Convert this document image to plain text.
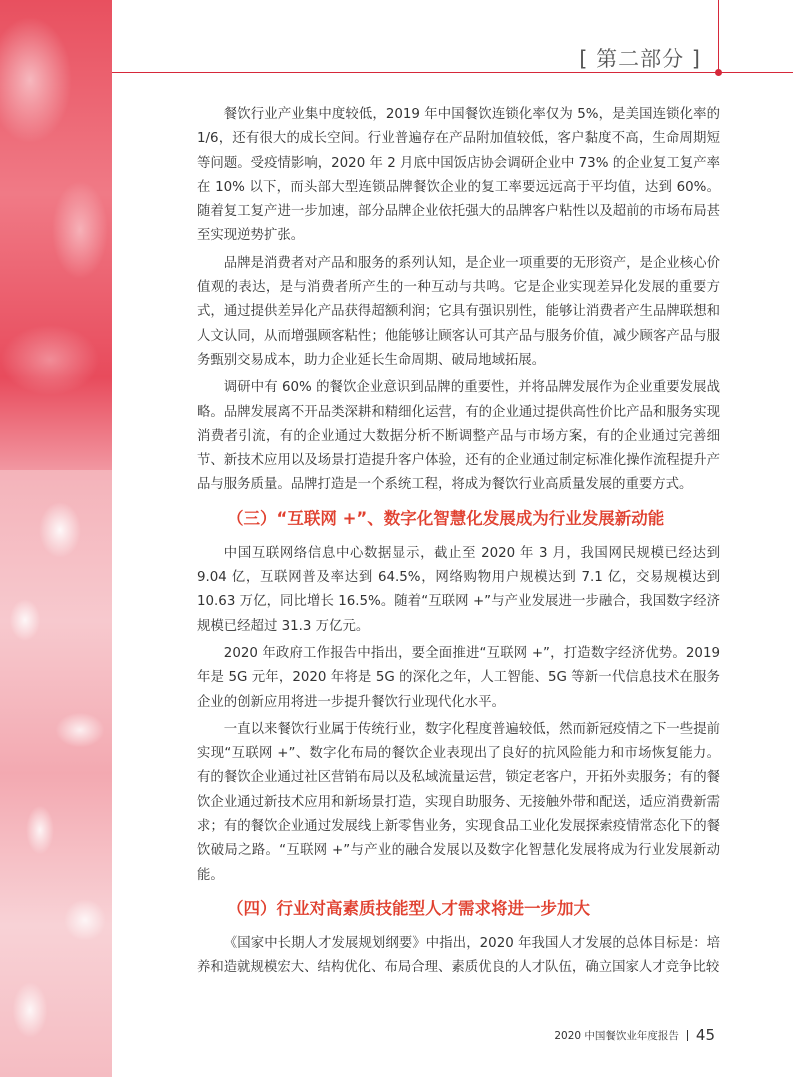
[ 第二部分 ]

餐饮行业产业集中度较低，2019 年中国餐饮连锁化率仅为 5%，是美国连锁化率的 1/6，还有很大的成长空间。行业普遍存在产品附加值较低，客户黏度不高，生命周期短等问题。受疫情影响，2020 年 2 月底中国饭店协会调研企业中 73% 的企业复工复产率在 10% 以下，而头部大型连锁品牌餐饮企业的复工率要远远高于平均值，达到 60%。随着复工复产进一步加速，部分品牌企业依托强大的品牌客户粘性以及超前的市场布局甚至实现逆势扩张。

品牌是消费者对产品和服务的系列认知，是企业一项重要的无形资产，是企业核心价值观的表达，是与消费者所产生的一种互动与共鸣。它是企业实现差异化发展的重要方式，通过提供差异化产品获得超额利润；它具有强识别性，能够让消费者产生品牌联想和人文认同，从而增强顾客粘性；他能够让顾客认可其产品与服务价值，减少顾客产品与服务甄别交易成本，助力企业延长生命周期、破局地域拓展。

调研中有 60% 的餐饮企业意识到品牌的重要性，并将品牌发展作为企业重要发展战略。品牌发展离不开品类深耕和精细化运营，有的企业通过提供高性价比产品和服务实现消费者引流，有的企业通过大数据分析不断调整产品与市场方案，有的企业通过完善细节、新技术应用以及场景打造提升客户体验，还有的企业通过制定标准化操作流程提升产品与服务质量。品牌打造是一个系统工程，将成为餐饮行业高质量发展的重要方式。

（三）“互联网 +”、数字化智慧化发展成为行业发展新动能

中国互联网络信息中心数据显示，截止至 2020 年 3 月，我国网民规模已经达到 9.04 亿，互联网普及率达到 64.5%，网络购物用户规模达到 7.1 亿，交易规模达到 10.63 万亿，同比增长 16.5%。随着“互联网 +”与产业发展进一步融合，我国数字经济规模已经超过 31.3 万亿元。

2020 年政府工作报告中指出，要全面推进“互联网 +”，打造数字经济优势。2019 年是 5G 元年，2020 年将是 5G 的深化之年，人工智能、5G 等新一代信息技术在服务企业的创新应用将进一步提升餐饮行业现代化水平。

一直以来餐饮行业属于传统行业，数字化程度普遍较低，然而新冠疫情之下一些提前实现“互联网 +”、数字化布局的餐饮企业表现出了良好的抗风险能力和市场恢复能力。有的餐饮企业通过社区营销布局以及私域流量运营，锁定老客户，开拓外卖服务；有的餐饮企业通过新技术应用和新场景打造，实现自助服务、无接触外带和配送，适应消费新需求；有的餐饮企业通过发展线上新零售业务，实现食品工业化发展探索疫情常态化下的餐饮破局之路。“互联网 +”与产业的融合发展以及数字化智慧化发展将成为行业发展新动能。

（四）行业对高素质技能型人才需求将进一步加大

《国家中长期人才发展规划纲要》中指出，2020 年我国人才发展的总体目标是：培养和造就规模宏大、结构优化、布局合理、素质优良的人才队伍，确立国家人才竞争比较

2020 中国餐饮业年度报告 45
